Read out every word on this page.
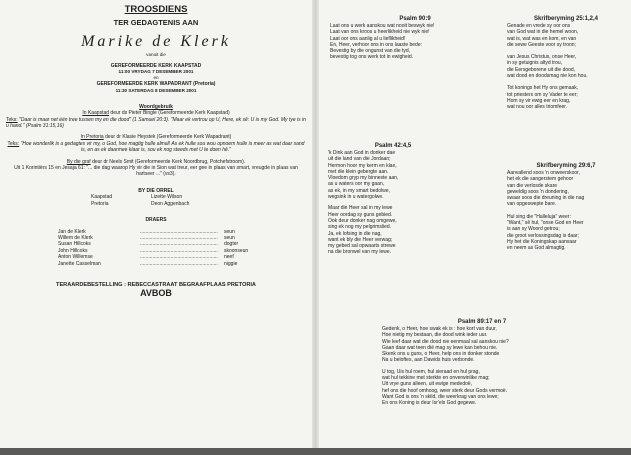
TROOSDIENS
TER GEDAGTENIS AAN
Marike de Klerk
vanuit die
GEREFORMEERDE KERK KAAPSTAD
11:00 VRYDAG 7 DESEMBER 2001
en
GEREFORMEERDE KERK WAPADRANT (Pretoria)
11:30 SATERDAG 8 DESEMBER 2001
Woordgebruik
In Kaapstad deur ds Pieter Bingle (Gereformeerde Kerk Kaapstad)

Teks: "Daar is maar net één tree tussen my en die dood" (1 Samuel 20:3). "Maar ek vertrou op U, Here, ek sê: U is my God. My tye is in u hand." (Psalm 31:15,16)

In Pretoria deur dr Klasie Heystek (Gereformeerde Kerk Wapadrant)

Teks: "Hoe wonderlik is u gedagtes vir my, o God, hoe magtig hulle almal! As ek hulle sou wou opnoem hulle is meer as wat daar sand is, en as ek daarmee klaar is, sou ek nog steeds met U te doen hê."

By die graf deur dr Neels Smit (Gereformeerde Kerk Noordbrug, Potchefstroom).

Uit 1 Korintiërs 15 en Jesaja 61: "... die dag waarop Hy vir die in Sion wat treur, eer gee in plaas van smart, vreugde in plaas van hartseer ..." (vs3).

BY DIE ORREL
Kaapstad	Lizette Wilson
Pretoria	Deon Aggenbach
DRAERS
Jan de Klerk	........................................................	seun
Willem de Klerk	........................................................	seun
Susan Hillcoks	........................................................	dogter
John Hillcoks	........................................................	skoonseun
Anton Willemse	........................................................	neef
Janette Casselman	........................................................	niggie
TERAARDEBESTELLING : REBECCASTRAAT BEGRAAFPLAAS PRETORIA
AVBOB
Psalm 90:9
Laat ons u werk aanskou wat nooit beswyk nie!
Laat van ons kroos u heerlikheid nie wyk nie!
Laat oor ons aanlig al u lieflikheid!
En, Heer, verhoor ons in ons laaste bede:
Bevestig by die ongunst van die tyd,
bevestig tog ons werk tot in ewigheid.
Psalm 42:4,5
'k Dink aan God in donker dae
uit die land van die Jordaan;
Hermon hoor my kerm en klae,
met die klein gebergte aan.
Vloedom gryp my binneste aan,
as u waters oor my gaan,
as ek, in my smart bedolwe,
wegsink in u watergolwe.
Maar die Heer sal in my lewe
Heer oordag sy guns gebied.
Ook deur donker nag omgewe,
sing ek nog my pelgrimslied.
Ja, ek lofsing in die nag,
want ek bly die Heer verwag;
my gebed sal opwaarts strewe
na die bronwel van my lewe.
Psalm 89:17 en 7
Gedenk, o Heer, hoe swak ek is : hoe kort van duur,
Hoe nietig my bestaan, die dood wink ieder uur.
Wie leef daar wat die dood nie eenmaal sal aanskou nie?
Gaan daar wat teen dié mag sy lewe kan behou nie.
Skenk ons u guns, o Heer, help ons in donker stonde
Na u beloftes, aan Dawids huis verbonde.
U tog, Uis hul roem, hul sieraad en hul prag,
wat hul tekkine met sterkte en onverwinlike mag;
Uit vrye guns alleen, uit ewige mededoë,
hef ons die hoof omhoog, weer sterk deur Gods vermoë.
Want God is ons 'n skild, die weerkrag van ons lewe;
En ons Koning is deur Isr'els God gegewe.
Skrifberyming 25:1,2,4
Genade en vrede sy oor ons
van God wat in die hemel woon,
wat is, wat was en kom, en van
die sewe Geeste voor sy troon;
van Jesus Christus, onse Heer,
in sy getuignis altyd trou,
die Eersgeborene uit die dood,
wat dood en doodsmag nie kon hou.
Tot konings het Hy ons gemaak,
tot priesters om sy Vader te eer;
Hom sy vir ewig eer en krag,
wat nou oor alles triomfeer.
Skrifberyming 29:6,7
Aanvallend soos 'n onweerskoor,
het ek die sangerstem gehoor
van die verlosde skare
geweldig soos 'n dondering,
swaar soos die dreuning in die nag
van opgeswepte bare.
Hul sing die "Halleluja" weer:
"Want," sê hul, "onse God en Heer
is aan sy Woord getrou;
die groot verlossingsdag is daar;
Hy het die Koningskap aanvaar
en neem as God almagtig.
